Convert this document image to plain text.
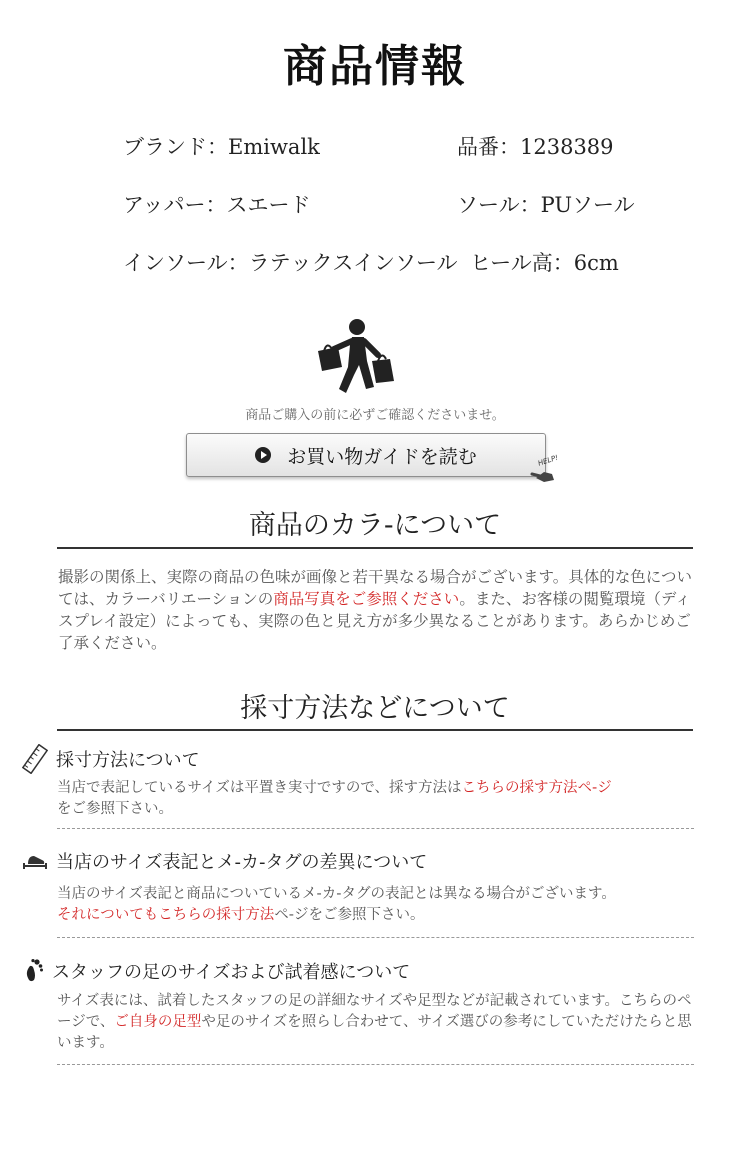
商品情報
ブランド：Emiwalk	品番：1238389
アッパー：スエード	ソール：PUソール
インソール：ラテックスインソール ヒール高：6cm
商品ご購入の前に必ずご確認くださいませ。
お買い物ガイドを読む	HELP!
商品のカラ-について
撮影の関係上、実際の商品の色味が画像と若干異なる場合がございます。具体的な色については、カラーバリエーションの商品写真をご参照ください。また、お客様の閲覧環境（ディスプレイ設定）によっても、実際の色と見え方が多少異なることがあります。あらかじめご了承ください。
採寸方法などについて
採寸方法について
当店で表記しているサイズは平置き実寸ですので、採す方法はこちらの採す方法ペ-ジ
をご参照下さい。
当店のサイズ表記とメ-カ-タグの差異について
当店のサイズ表記と商品についているメ-カ-タグの表記とは異なる場合がございます。
それについてもこちらの採寸方法ペ-ジをご参照下さい。
スタッフの足のサイズおよび試着感について
サイズ表には、試着したスタッフの足の詳細なサイズや足型などが記載されています。こちらのページで、ご自身の足型や足のサイズを照らし合わせて、サイズ選びの参考にしていただけたらと思います。
